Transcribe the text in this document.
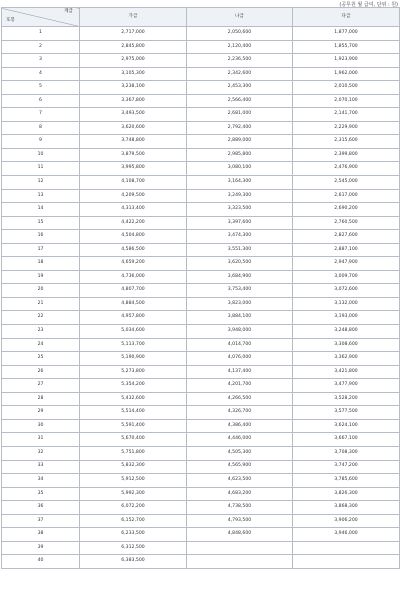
(공무원 월 급여, 단위 : 원)
계급
호봉	가급	나급	다급
1	2,717,000	2,050,600	1,877,000
2	2,845,800	2,120,400	1,855,700
3	2,975,000	2,236,500	1,923,900
4	3,105,300	2,342,600	1,962,000
5	3,238,100	2,453,300	2,010,500
6	3,367,800	2,566,400	2,070,100
7	3,493,500	2,681,000	2,141,700
8	3,620,600	2,792,400	2,229,900
9	3,748,800	2,889,000	2,315,600
10	3,879,500	2,985,800	2,399,800
11	3,995,800	3,080,100	2,476,900
12	4,108,700	3,164,300	2,545,000
13	4,209,500	3,249,300	2,617,000
14	4,313,400	3,323,500	2,690,200
15	4,422,200	3,397,600	2,760,500
16	4,504,800	3,474,300	2,827,600
17	4,586,500	3,551,300	2,887,100
18	4,659,200	3,620,500	2,947,900
19	4,736,000	3,684,900	3,009,700
20	4,807,700	3,753,400	3,072,600
21	4,884,500	3,823,000	3,132,000
22	4,957,800	3,884,100	3,193,000
23	5,034,600	3,948,000	3,248,800
24	5,113,700	4,014,700	3,308,600
25	5,190,900	4,076,000	3,362,900
26	5,273,800	4,137,400	3,421,800
27	5,354,200	4,201,700	3,477,900
28	5,432,600	4,266,500	3,528,200
29	5,514,400	4,326,700	3,577,500
30	5,591,400	4,386,400	3,624,100
31	5,670,400	4,446,000	3,667,100
32	5,751,800	4,505,300	3,708,300
33	5,832,300	4,565,900	3,747,200
34	5,912,500	4,623,500	3,785,600
35	5,992,300	4,683,200	3,826,300
36	6,072,200	4,738,500	3,868,300
37	6,152,700	4,793,500	3,906,200
38	6,233,500	4,848,600	3,946,000
39	6,312,500		
40	6,383,500		
